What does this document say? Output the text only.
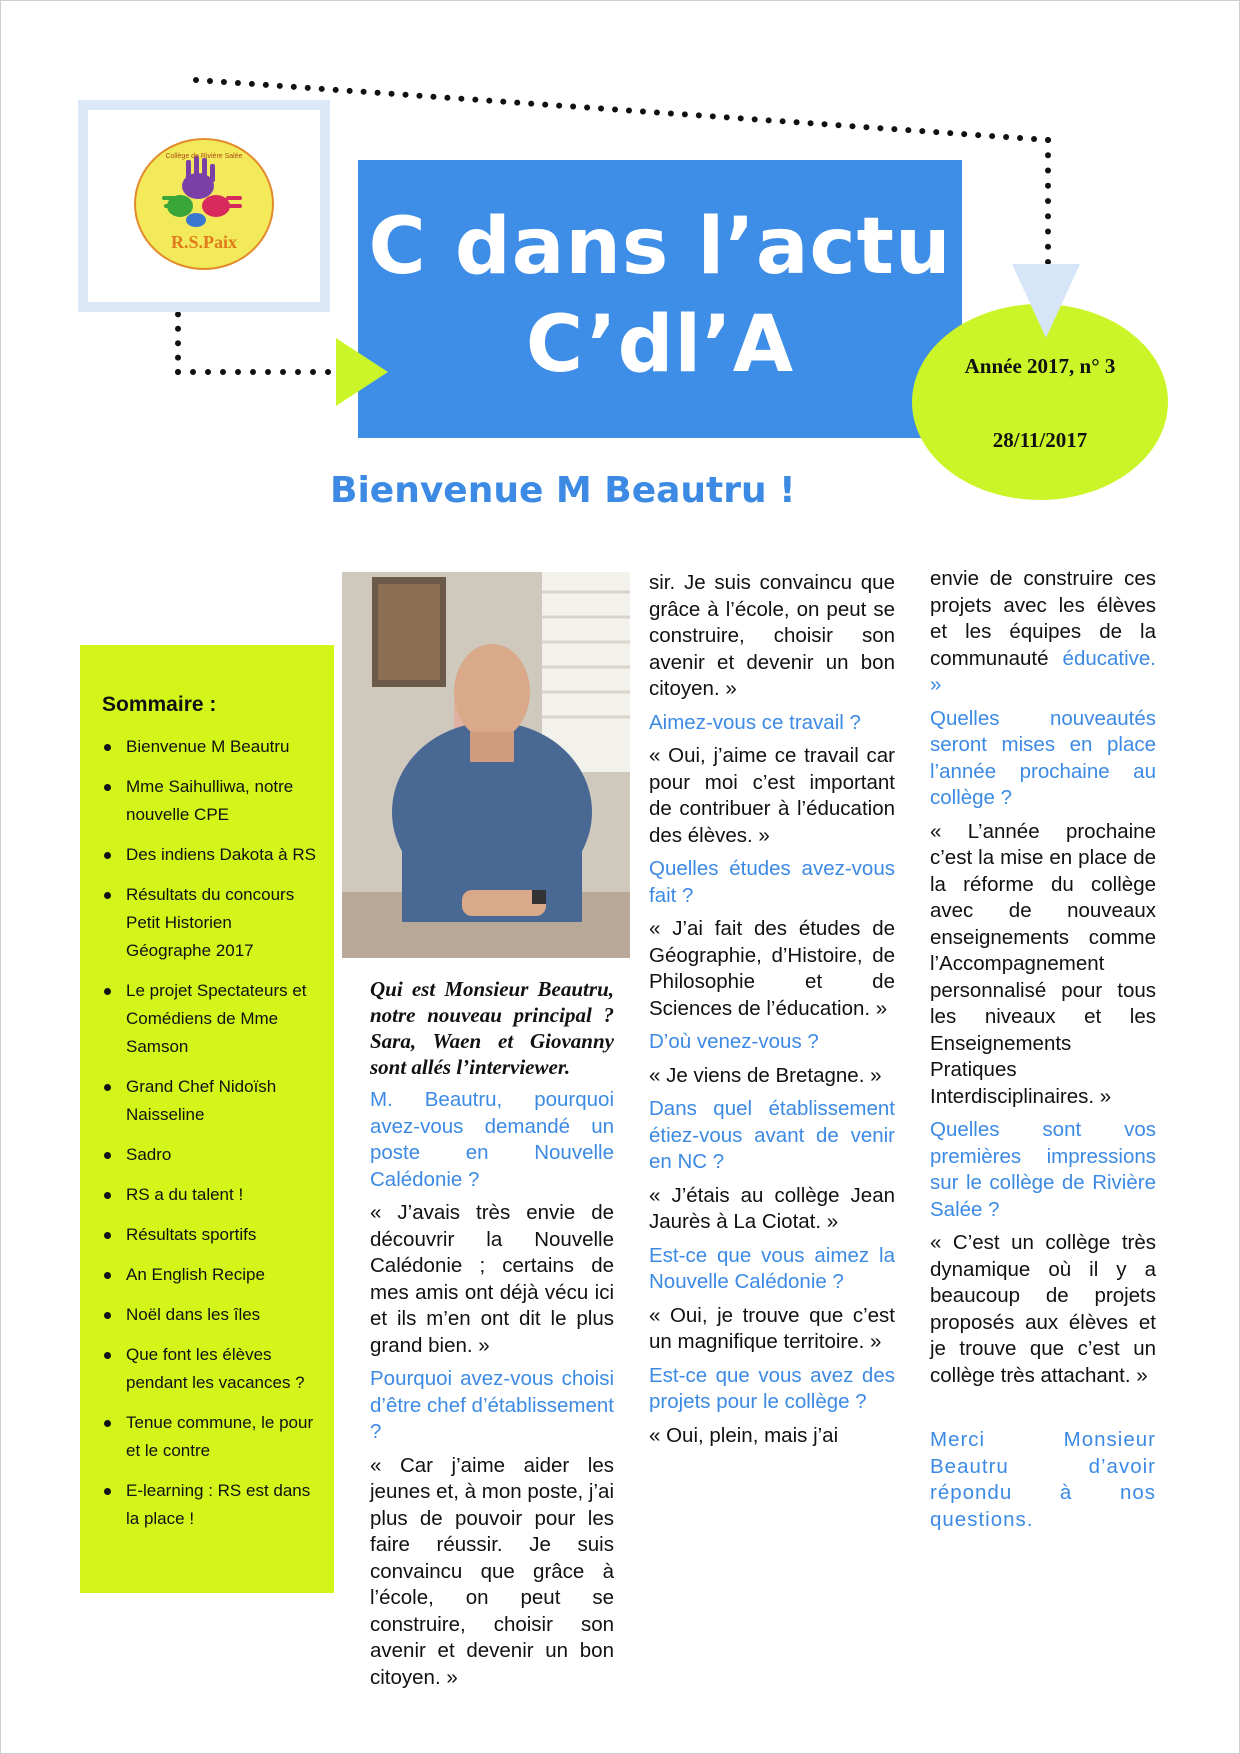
R.S.Paix
Collège de Rivière Salée
C dans l’actu
C’dl’A	Année 2017, n° 3
28/11/2017
Bienvenue M Beautru !
Sommaire :
Bienvenue M Beautru
Mme Saihulliwa, notre nouvelle CPE
Des indiens Dakota à RS
Résultats du concours Petit Historien Géographe 2017
Le projet Spectateurs et Comédiens de Mme Samson
Grand Chef Nidoïsh Naisseline
Sadro
RS a du talent !
Résultats sportifs
An English Recipe
Noël dans les îles
Que font les élèves pendant les vacances ?
Tenue commune, le pour et le contre
E-learning : RS est dans la place !

Qui est Monsieur Beautru, notre nouveau principal ? Sara, Waen et Giovanny sont allés l’interviewer.

M. Beautru, pourquoi avez-vous demandé un poste en Nouvelle Calédonie ?

« J’avais très envie de découvrir la Nouvelle Calédonie ; certains de mes amis ont déjà vécu ici et ils m’en ont dit le plus grand bien. »

Pourquoi avez-vous choisi d’être chef d’établissement ?

« Car j’aime aider les jeunes et, à mon poste, j’ai plus de pouvoir pour les faire réussir. Je suis convaincu que grâce à l’école, on peut se construire, choisir son avenir et devenir un bon citoyen. »

sir. Je suis convaincu que grâce à l’école, on peut se construire, choisir son avenir et devenir un bon citoyen. »

Aimez-vous ce travail ?

« Oui, j’aime ce travail car pour moi c’est important de contribuer à l’éducation des élèves. »

Quelles études avez-vous fait ?

« J’ai fait des études de Géographie, d’Histoire, de Philosophie et de Sciences de l’éducation. »

D’où venez-vous ?

« Je viens de Bretagne. »

Dans quel établissement étiez-vous avant de venir en NC ?

« J’étais au collège Jean Jaurès à La Ciotat. »

Est-ce que vous aimez la Nouvelle Calédonie ?

« Oui, je trouve que c’est un magnifique territoire. »

Est-ce que vous avez des projets pour le collège ?

« Oui, plein, mais j’ai

envie de construire ces projets avec les élèves et les équipes de la communauté éducative. »

Quelles nouveautés seront mises en place l’année prochaine au collège ?

« L’année prochaine c’est la mise en place de la réforme du collège avec de nouveaux enseignements comme l’Accompagnement personnalisé pour tous les niveaux et les Enseignements Pratiques Interdisciplinaires. »

Quelles sont vos premières impressions sur le collège de Rivière Salée ?

« C’est un collège très dynamique où il y a beaucoup de projets proposés aux élèves et je trouve que c’est un collège très attachant. »

Merci Monsieur Beautru d’avoir répondu à nos questions.
